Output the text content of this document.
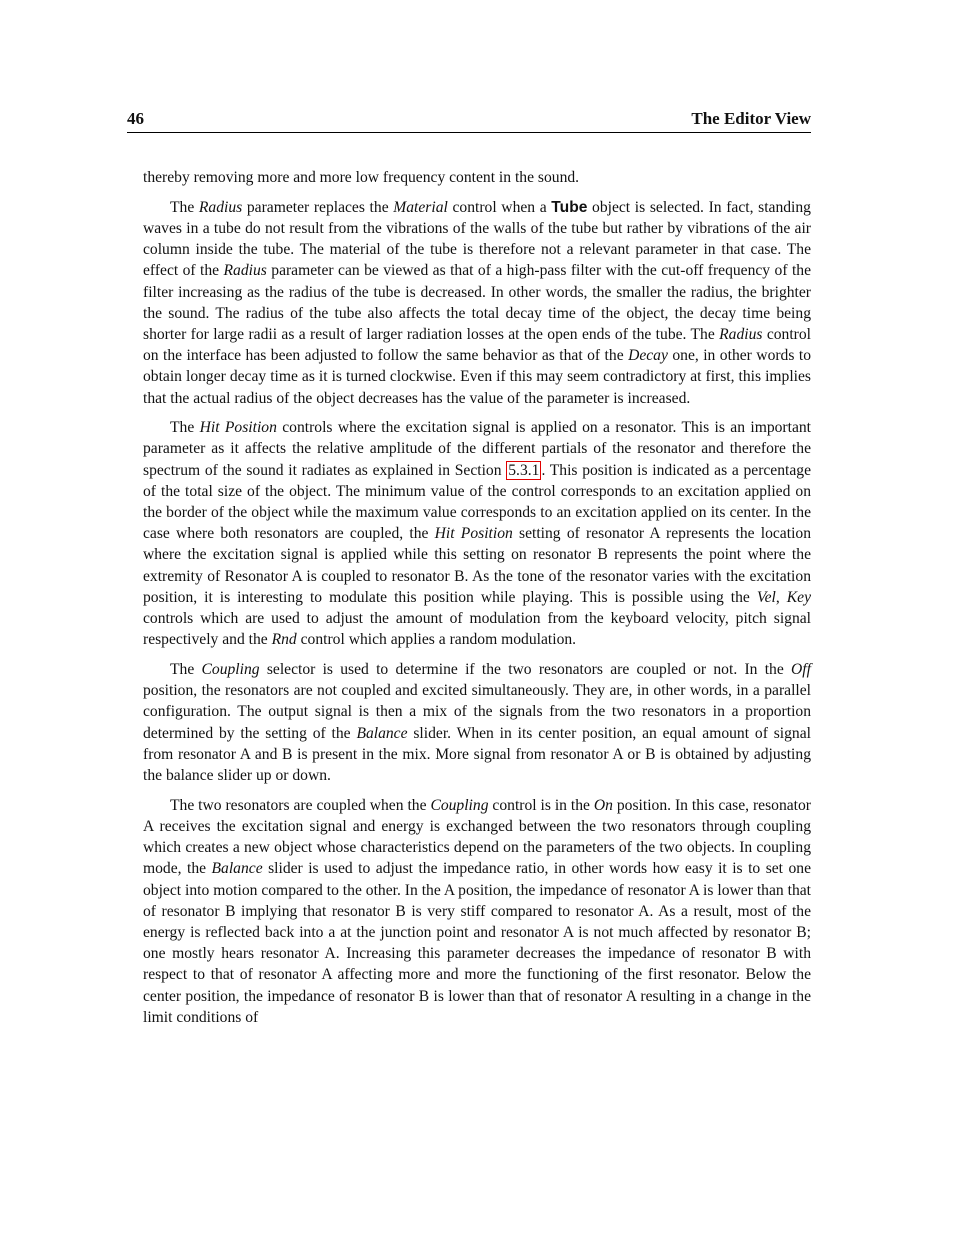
46	The Editor View

thereby removing more and more low frequency content in the sound.

The Radius parameter replaces the Material control when a Tube object is selected. In fact, standing waves in a tube do not result from the vibrations of the walls of the tube but rather by vibrations of the air column inside the tube. The material of the tube is therefore not a relevant parameter in that case. The effect of the Radius parameter can be viewed as that of a high-pass filter with the cut-off frequency of the filter increasing as the radius of the tube is decreased. In other words, the smaller the radius, the brighter the sound. The radius of the tube also affects the total decay time of the object, the decay time being shorter for large radii as a result of larger radiation losses at the open ends of the tube. The Radius control on the interface has been adjusted to follow the same behavior as that of the Decay one, in other words to obtain longer decay time as it is turned clockwise. Even if this may seem contradictory at first, this implies that the actual radius of the object decreases has the value of the parameter is increased.

The Hit Position controls where the excitation signal is applied on a resonator. This is an important parameter as it affects the relative amplitude of the different partials of the resonator and therefore the spectrum of the sound it radiates as explained in Section 5.3.1 . This position is indicated as a percentage of the total size of the object. The minimum value of the control corresponds to an excitation applied on the border of the object while the maximum value corresponds to an excitation applied on its center. In the case where both resonators are coupled, the Hit Position setting of resonator A represents the location where the excitation signal is applied while this setting on resonator B represents the point where the extremity of Resonator A is coupled to resonator B. As the tone of the resonator varies with the excitation position, it is interesting to modulate this position while playing. This is possible using the Vel, Key controls which are used to adjust the amount of modulation from the keyboard velocity, pitch signal respectively and the Rnd control which applies a random modulation.

The Coupling selector is used to determine if the two resonators are coupled or not. In the Off position, the resonators are not coupled and excited simultaneously. They are, in other words, in a parallel configuration. The output signal is then a mix of the signals from the two resonators in a proportion determined by the setting of the Balance slider. When in its center position, an equal amount of signal from resonator A and B is present in the mix. More signal from resonator A or B is obtained by adjusting the balance slider up or down.

The two resonators are coupled when the Coupling control is in the On position. In this case, resonator A receives the excitation signal and energy is exchanged between the two resonators through coupling which creates a new object whose characteristics depend on the parameters of the two objects. In coupling mode, the Balance slider is used to adjust the impedance ratio, in other words how easy it is to set one object into motion compared to the other. In the A position, the impedance of resonator A is lower than that of resonator B implying that resonator B is very stiff compared to resonator A. As a result, most of the energy is reflected back into a at the junction point and resonator A is not much affected by resonator B; one mostly hears resonator A. Increasing this parameter decreases the impedance of resonator B with respect to that of resonator A affecting more and more the functioning of the first resonator. Below the center position, the impedance of resonator B is lower than that of resonator A resulting in a change in the limit conditions of
